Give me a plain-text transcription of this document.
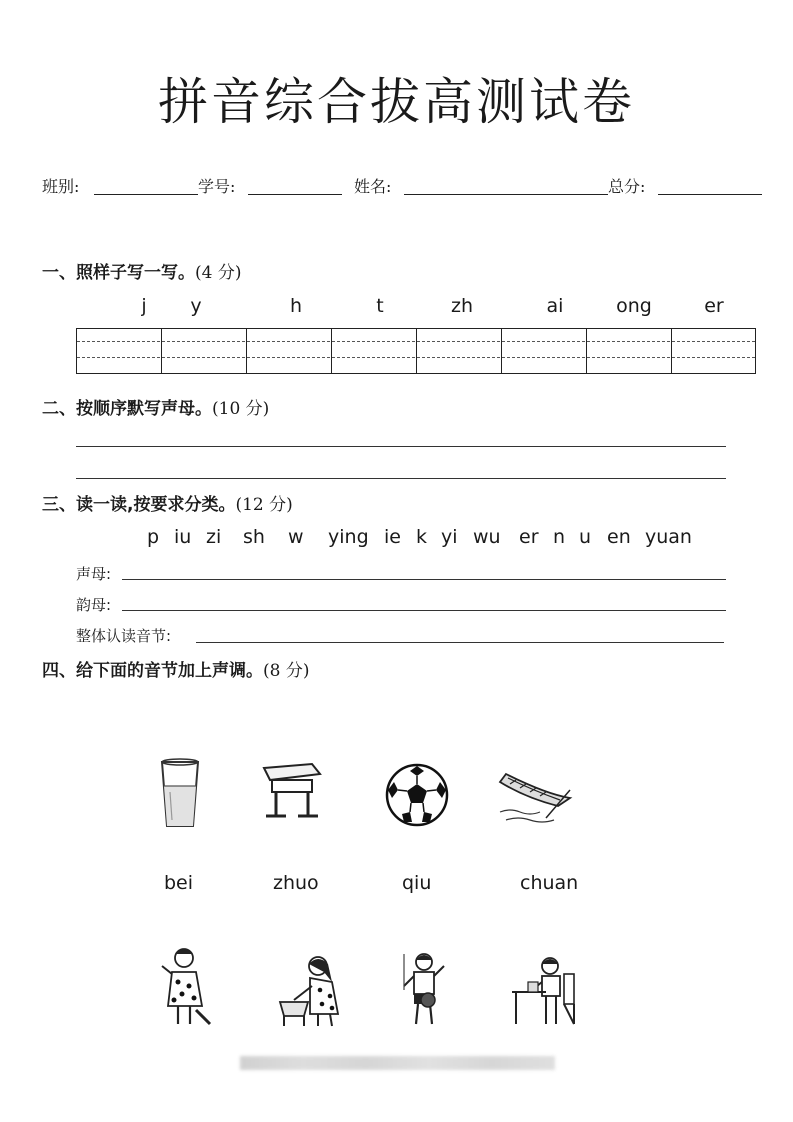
拼音综合拔高测试卷
班别:	学号:	姓名:	总分:
一、照样子写一写。(4 分)
j	y	h	t	zh	ai	ong	er
二、按顺序默写声母。(10 分)
三、读一读,按要求分类。(12 分)
p iu zi sh w ying ie k yi wu er n u en yuan
声母:
韵母:
整体认读音节:
四、给下面的音节加上声调。(8 分)
bei	zhuo	qiu	chuan
